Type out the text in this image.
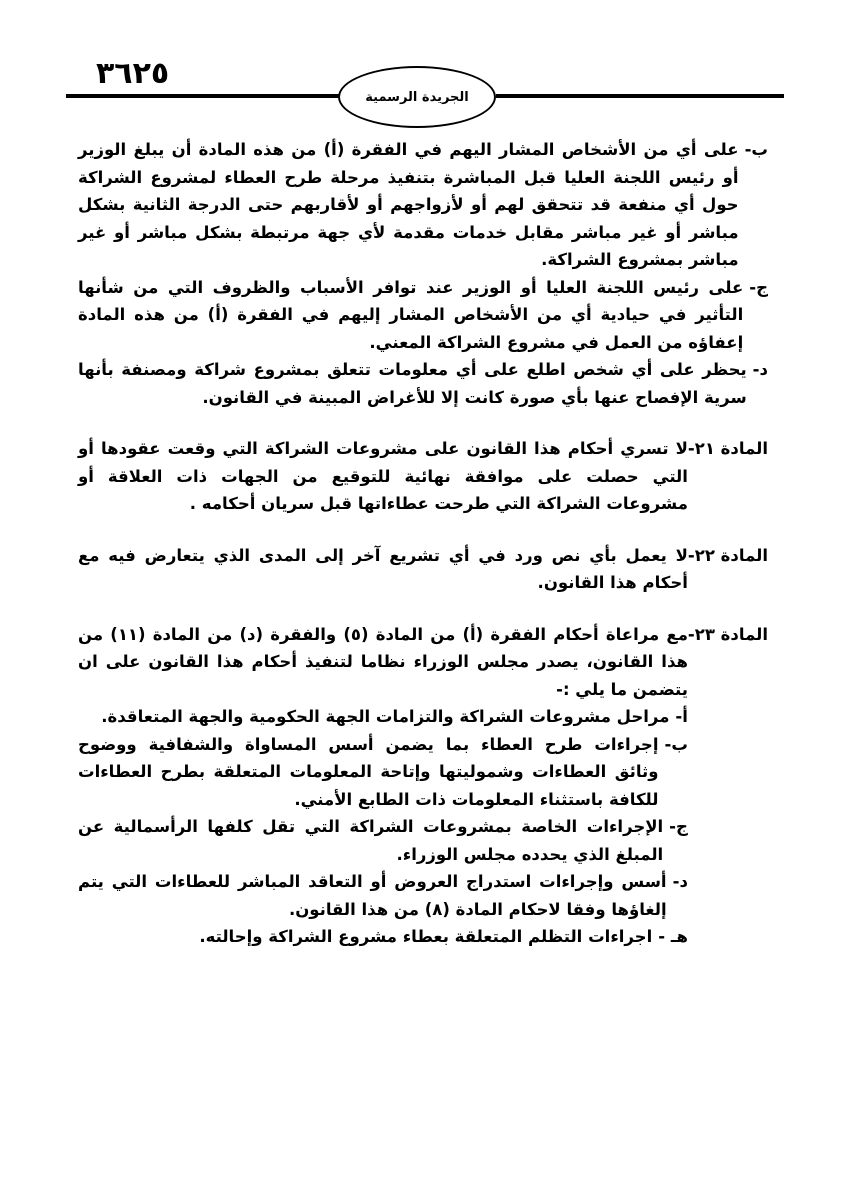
٣٦٢٥
الجريدة الرسمية
ب-
على أي من الأشخاص المشار اليهم في الفقرة (أ) من هذه المادة أن يبلغ الوزير أو رئيس اللجنة العليا قبل المباشرة بتنفيذ مرحلة طرح العطاء لمشروع الشراكة حول أي منفعة قد تتحقق لهم أو لأزواجهم أو لأقاربهم حتى الدرجة الثانية بشكل مباشر أو غير مباشر مقابل خدمات مقدمة لأي جهة مرتبطة بشكل مباشر أو غير مباشر بمشروع الشراكة.
ج-
على رئيس اللجنة العليا أو الوزير عند توافر الأسباب والظروف التي من شأنها التأثير في حيادية أي من الأشخاص المشار إليهم في الفقرة (أ) من هذه المادة إعفاؤه من العمل في مشروع الشراكة المعني.
د-
يحظر على أي شخص اطلع على أي معلومات تتعلق بمشروع شراكة ومصنفة بأنها سرية الإفصاح عنها بأي صورة كانت إلا للأغراض المبينة في القانون.
المادة ٢١-
لا تسري أحكام هذا القانون على مشروعات الشراكة التي وقعت عقودها أو التي حصلت على موافقة نهائية للتوقيع من الجهات ذات العلاقة أو مشروعات الشراكة التي طرحت عطاءاتها قبل سريان أحكامه .
المادة ٢٢-
لا يعمل بأي نص ورد في أي تشريع آخر إلى المدى الذي يتعارض فيه مع أحكام هذا القانون.
المادة ٢٣-
مع مراعاة أحكام الفقرة (أ) من المادة (٥) والفقرة (د) من المادة (١١) من هذا القانون، يصدر مجلس الوزراء نظاما لتنفيذ أحكام هذا القانون على ان يتضمن ما يلي :-
أ-
مراحل مشروعات الشراكة والتزامات الجهة الحكومية والجهة المتعاقدة.
ب-
إجراءات طرح العطاء بما يضمن أسس المساواة والشفافية ووضوح وثائق العطاءات وشموليتها وإتاحة المعلومات المتعلقة بطرح العطاءات للكافة باستثناء المعلومات ذات الطابع الأمني.
ج-
الإجراءات الخاصة بمشروعات الشراكة التي تقل كلفها الرأسمالية عن المبلغ الذي يحدده مجلس الوزراء.
د-
أسس وإجراءات استدراج العروض أو التعاقد المباشر للعطاءات التي يتم إلغاؤها وفقا لاحكام المادة (٨) من هذا القانون.
هـ -
اجراءات التظلم المتعلقة بعطاء مشروع الشراكة وإحالته.
